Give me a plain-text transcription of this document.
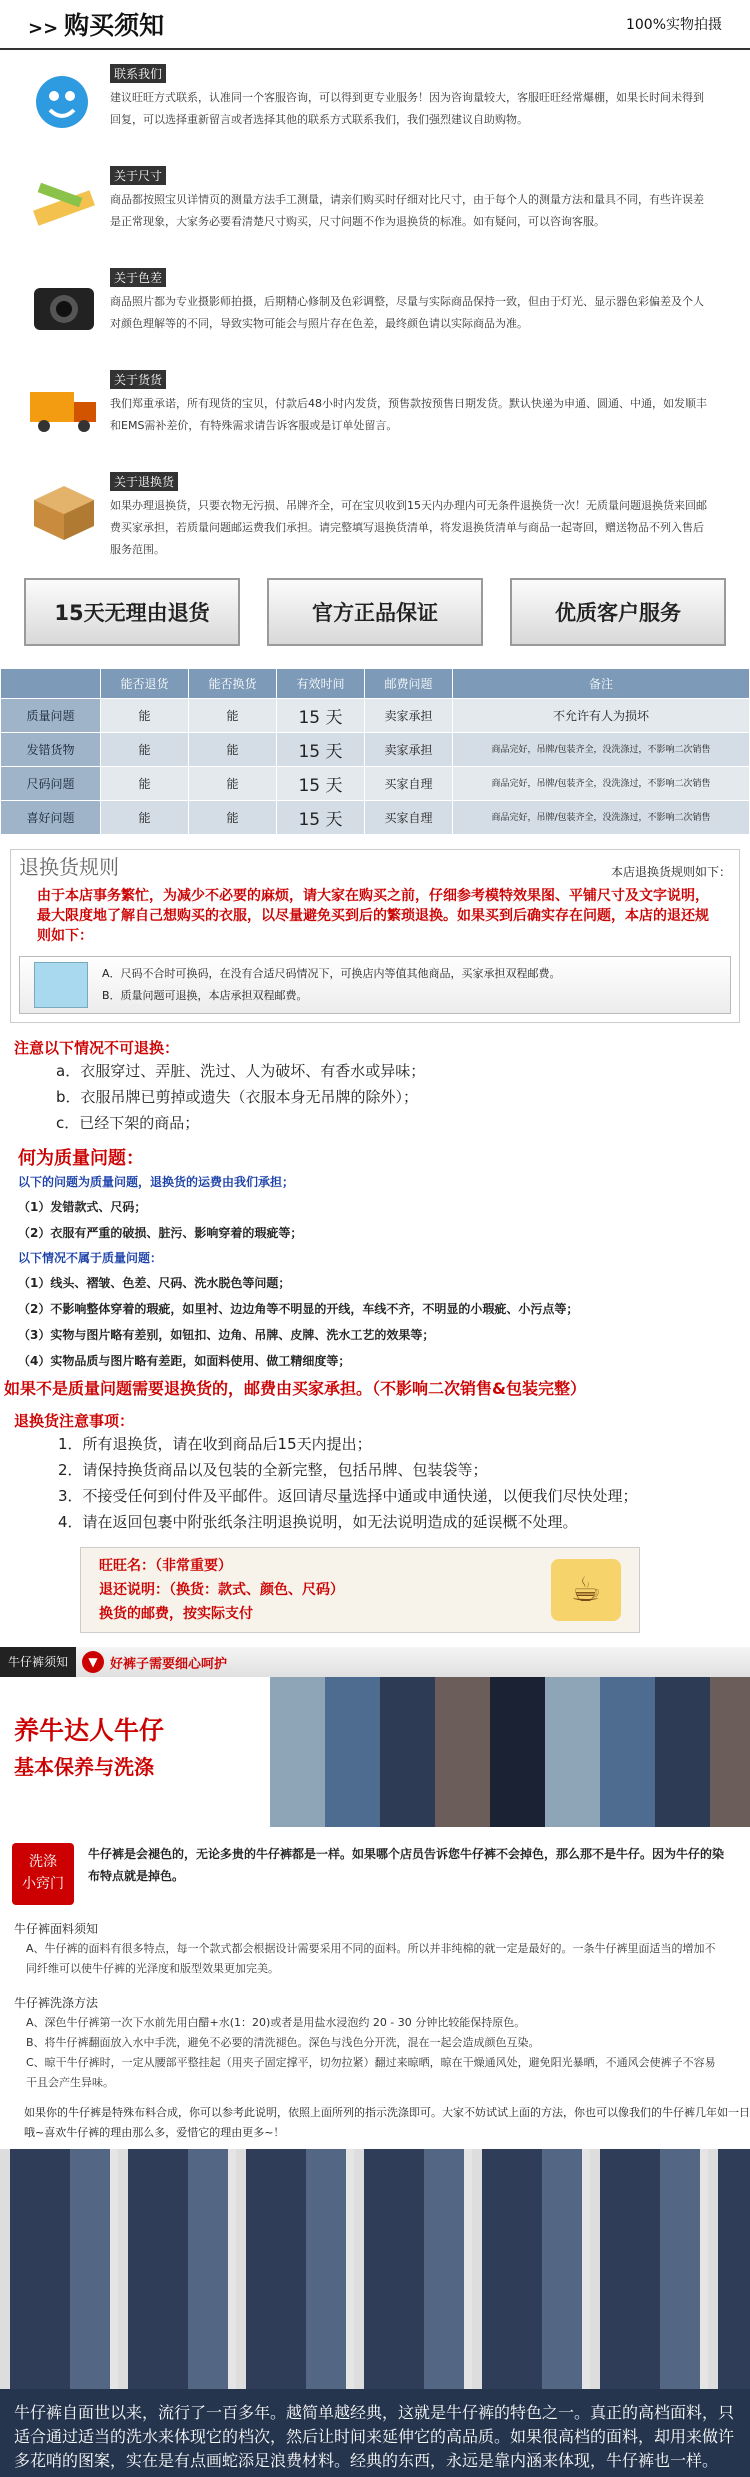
>> 购买须知	100%实物拍摄
联系我们
建议旺旺方式联系，认准同一个客服咨询，可以得到更专业服务！因为咨询量较大，客服旺旺经常爆棚，如果长时间未得到回复，可以选择重新留言或者选择其他的联系方式联系我们，我们强烈建议自助购物。
关于尺寸
商品都按照宝贝详情页的测量方法手工测量，请亲们购买时仔细对比尺寸，由于每个人的测量方法和量具不同，有些许误差是正常现象，大家务必要看清楚尺寸购买，尺寸问题不作为退换货的标准。如有疑问，可以咨询客服。
关于色差
商品照片都为专业摄影师拍摄，后期精心修制及色彩调整，尽量与实际商品保持一致，但由于灯光、显示器色彩偏差及个人对颜色理解等的不同，导致实物可能会与照片存在色差，最终颜色请以实际商品为准。
关于货货
我们郑重承诺，所有现货的宝贝，付款后48小时内发货，预售款按预售日期发货。默认快递为申通、圆通、中通，如发顺丰和EMS需补差价，有特殊需求请告诉客服或是订单处留言。
关于退换货
如果办理退换货，只要衣物无污损、吊牌齐全，可在宝贝收到15天内办理内可无条件退换货一次！无质量问题退换货来回邮费买家承担，若质量问题邮运费我们承担。请完整填写退换货清单，将发退换货清单与商品一起寄回，赠送物品不列入售后服务范围。
15天无理由退货	官方正品保证	优质客户服务
	能否退货	能否换货	有效时间	邮费问题	备注
质量问题	能	能	15 天	卖家承担	不允许有人为损坏
发错货物	能	能	15 天	卖家承担	商品完好，吊牌/包装齐全，没洗涤过，不影响二次销售
尺码问题	能	能	15 天	买家自理	商品完好，吊牌/包装齐全，没洗涤过，不影响二次销售
喜好问题	能	能	15 天	买家自理	商品完好，吊牌/包装齐全，没洗涤过，不影响二次销售
退换货规则	本店退换货规则如下：
由于本店事务繁忙，为减少不必要的麻烦，请大家在购买之前，仔细参考模特效果图、平铺尺寸及文字说明，最大限度地了解自己想购买的衣服，以尽量避免买到后的繁琐退换。如果买到后确实存在问题，本店的退还规则如下：
A．尺码不合时可换码，在没有合适尺码情况下，可换店内等值其他商品，买家承担双程邮费。
B．质量问题可退换，本店承担双程邮费。
注意以下情况不可退换：
a．衣服穿过、弄脏、洗过、人为破坏、有香水或异味；
b．衣服吊牌已剪掉或遗失（衣服本身无吊牌的除外）；
c．已经下架的商品；
何为质量问题：
以下的问题为质量问题，退换货的运费由我们承担；
（1）发错款式、尺码；
（2）衣服有严重的破损、脏污、影响穿着的瑕疵等；
以下情况不属于质量问题：
（1）线头、褶皱、色差、尺码、洗水脱色等问题；
（2）不影响整体穿着的瑕疵，如里衬、边边角等不明显的开线，车线不齐，不明显的小瑕疵、小污点等；
（3）实物与图片略有差别，如钮扣、边角、吊牌、皮牌、洗水工艺的效果等；
（4）实物品质与图片略有差距，如面料使用、做工精细度等；
如果不是质量问题需要退换货的，邮费由买家承担。（不影响二次销售&包装完整）
退换货注意事项：
1．所有退换货，请在收到商品后15天内提出；
2．请保持换货商品以及包装的全新完整，包括吊牌、包装袋等；
3．不接受任何到付件及平邮件。返回请尽量选择中通或申通快递，以便我们尽快处理；
4．请在返回包裹中附张纸条注明退换说明，如无法说明造成的延误概不处理。
旺旺名：（非常重要）
退还说明：（换货：款式、颜色、尺码）
换货的邮费，按实际支付
☕
牛仔裤须知	▼ 好裤子需要细心呵护
养牛达人牛仔
基本保养与洗涤
洗涤
小窍门
牛仔裤是会褪色的，无论多贵的牛仔裤都是一样。如果哪个店员告诉您牛仔裤不会掉色，那么那不是牛仔。因为牛仔的染布特点就是掉色。
牛仔裤面料须知
A、牛仔裤的面料有很多特点，每一个款式都会根据设计需要采用不同的面料。所以并非纯棉的就一定是最好的。一条牛仔裤里面适当的增加不同纤维可以使牛仔裤的光泽度和版型效果更加完美。
牛仔裤洗涤方法
A、深色牛仔裤第一次下水前先用白醋+水(1：20)或者是用盐水浸泡约 20 - 30 分钟比较能保持原色。
B、将牛仔裤翻面放入水中手洗，避免不必要的清洗褪色。深色与浅色分开洗，混在一起会造成颜色互染。
C、晾干牛仔裤时，一定从腰部平整挂起（用夹子固定撑平，切勿拉紧）翻过来晾晒，晾在干燥通风处，避免阳光暴晒，不通风会使裤子不容易干且会产生异味。
如果你的牛仔裤是特殊布料合成，你可以参考此说明，依照上面所列的指示洗涤即可。大家不妨试试上面的方法，你也可以像我们的牛仔裤几年如一日哦~喜欢牛仔裤的理由那么多，爱惜它的理由更多~！
牛仔裤自面世以来，流行了一百多年。越简单越经典，这就是牛仔裤的特色之一。真正的高档面料，只适合通过适当的洗水来体现它的档次，然后让时间来延伸它的高品质。如果很高档的面料，却用来做许多花哨的图案，实在是有点画蛇添足浪费材料。经典的东西，永远是靠内涵来体现，牛仔裤也一样。
